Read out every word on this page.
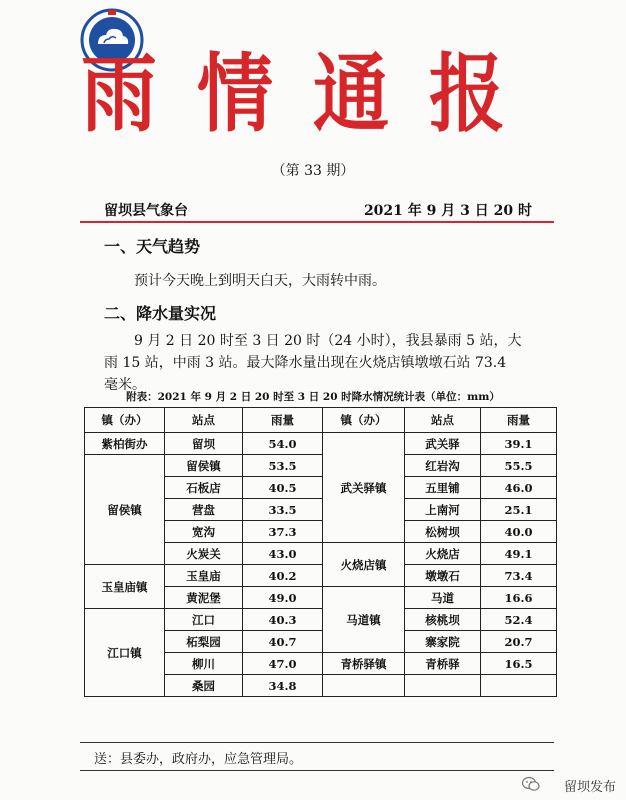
雨情通报
（第 33 期）
留坝县气象台	2021 年 9 月 3 日 20 时
一、天气趋势
预计今天晚上到明天白天，大雨转中雨。
二、降水量实况
9 月 2 日 20 时至 3 日 20 时（24 小时），我县暴雨 5 站，大雨 15 站，中雨 3 站。最大降水量出现在火烧店镇墩墩石站 73.4 毫米。
附表：2021 年 9 月 2 日 20 时至 3 日 20 时降水情况统计表（单位：mm）
镇（办）	站点	雨量	镇（办）	站点	雨量
紫柏街办	留坝	54.0	武关驿镇	武关驿	39.1
留侯镇	留侯镇	53.5		红岩沟	55.5
	石板店	40.5		五里铺	46.0
	营盘	33.5		上南河	25.1
	宽沟	37.3		松树坝	40.0
	火炭关	43.0	火烧店镇	火烧店	49.1
玉皇庙镇	玉皇庙	40.2		墩墩石	73.4
	黄泥堡	49.0	马道镇	马道	16.6
江口镇	江口	40.3		核桃坝	52.4
	柘梨园	40.7		寨家院	20.7
	柳川	47.0	青桥驿镇	青桥驿	16.5
	桑园	34.8			
送：县委办，政府办，应急管理局。
留坝发布
